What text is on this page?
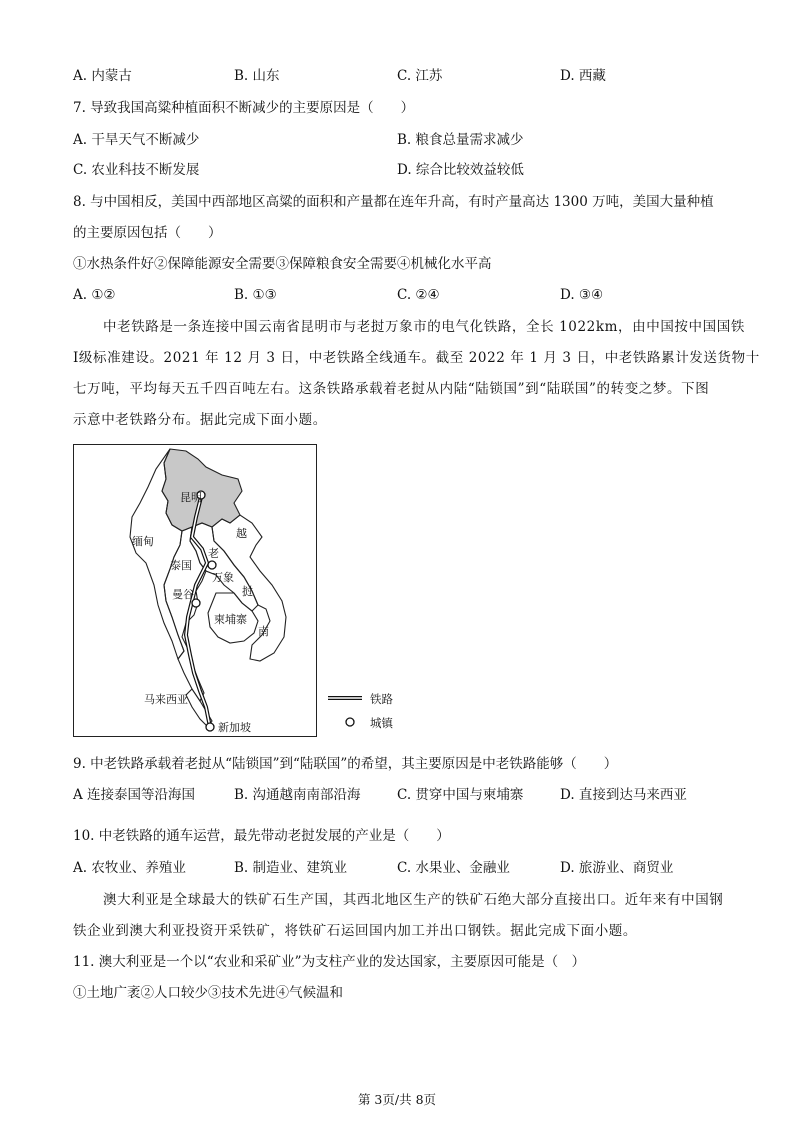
A. 内蒙古	B. 山东	C. 江苏	D. 西藏
7. 导致我国高粱种植面积不断减少的主要原因是（　　）
A. 干旱天气不断减少	B. 粮食总量需求减少
C. 农业科技不断发展	D. 综合比较效益较低
8. 与中国相反，美国中西部地区高粱的面积和产量都在连年升高，有时产量高达 1300 万吨，美国大量种植
的主要原因包括（　　）
①水热条件好②保障能源安全需要③保障粮食安全需要④机械化水平高
A. ①②	B. ①③	C. ②④	D. ③④
中老铁路是一条连接中国云南省昆明市与老挝万象市的电气化铁路，全长 1022km，由中国按中国国铁
Ⅰ级标准建设。2021 年 12 月 3 日，中老铁路全线通车。截至 2022 年 1 月 3 日，中老铁路累计发送货物十
七万吨，平均每天五千四百吨左右。这条铁路承载着老挝从内陆“陆锁国”到“陆联国”的转变之梦。下图
示意中老铁路分布。据此完成下面小题。
昆明
缅甸
泰国
老
万象
曼谷
越
挝
南
柬埔寨
马来西亚
新加坡
铁路
城镇
9. 中老铁路承载着老挝从“陆锁国”到“陆联国”的希望，其主要原因是中老铁路能够（　　）
A 连接泰国等沿海国	B. 沟通越南南部沿海	C. 贯穿中国与柬埔寨	D. 直接到达马来西亚
10. 中老铁路的通车运营，最先带动老挝发展的产业是（　　）
A. 农牧业、养殖业	B. 制造业、建筑业	C. 水果业、金融业	D. 旅游业、商贸业
澳大利亚是全球最大的铁矿石生产国，其西北地区生产的铁矿石绝大部分直接出口。近年来有中国钢
铁企业到澳大利亚投资开采铁矿，将铁矿石运回国内加工并出口钢铁。据此完成下面小题。
11. 澳大利亚是一个以“农业和采矿业”为支柱产业的发达国家，主要原因可能是（　）
①土地广袤②人口较少③技术先进④气候温和
第 3页/共 8页
